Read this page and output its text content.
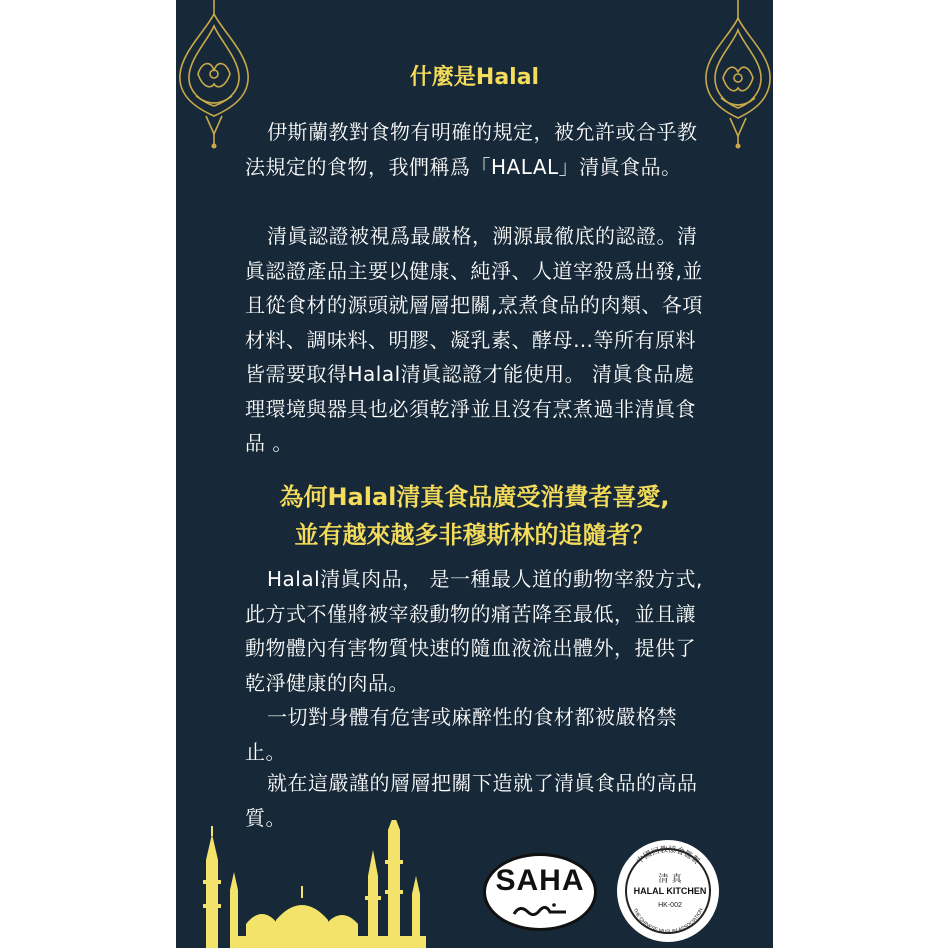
什麼是Halal

伊斯蘭教對食物有明確的規定，被允許或合乎教法規定的食物，我們稱爲「HALAL」清眞食品。

清眞認證被視爲最嚴格，溯源最徹底的認證。清眞認證產品主要以健康、純淨、人道宰殺爲出發,並且從食材的源頭就層層把關,烹煮食品的肉類、各項材料、調味料、明膠、凝乳素、酵母…等所有原料皆需要取得Halal清眞認證才能使用。 清眞食品處理環境與器具也必須乾淨並且沒有烹煮過非清眞食品 。

為何Halal清真食品廣受消費者喜愛,
並有越來越多非穆斯林的追隨者？

Halal清眞肉品， 是一種最人道的動物宰殺方式,此方式不僅將被宰殺動物的痛苦降至最低，並且讓動物體內有害物質快速的隨血液流出體外，提供了乾淨健康的肉品。

一切對身體有危害或麻醉性的食材都被嚴格禁止。

就在這嚴謹的層層把關下造就了清眞食品的高品質。

SAHA
中國回教協會監製
THE CHINESE MUSLIM ASSOCIATION
清 真
HALAL KITCHEN
HK-002
